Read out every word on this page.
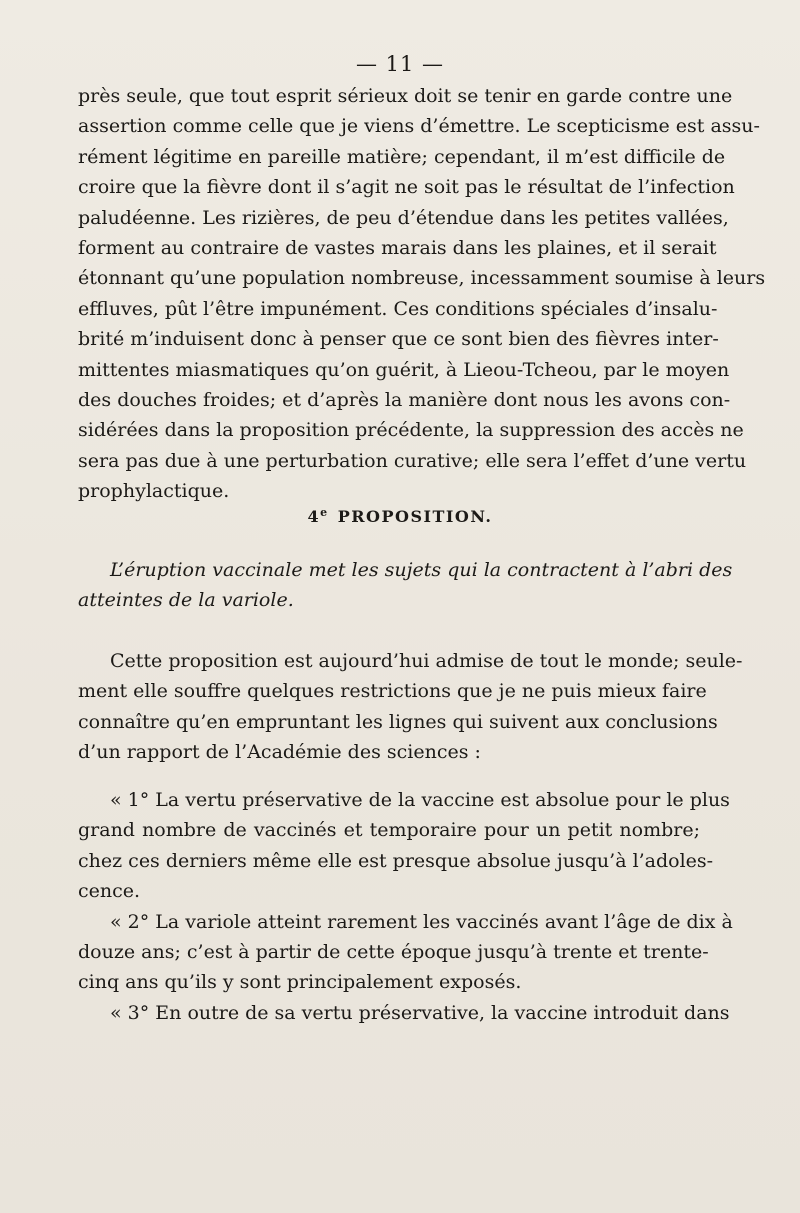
— 11 —
près seule, que tout esprit sérieux doit se tenir en garde contre une
assertion comme celle que je viens d’émettre. Le scepticisme est assu-
rément légitime en pareille matière; cependant, il m’est difficile de
croire que la fièvre dont il s’agit ne soit pas le résultat de l’infection
paludéenne. Les rizières, de peu d’étendue dans les petites vallées,
forment au contraire de vastes marais dans les plaines, et il serait
étonnant qu’une population nombreuse, incessamment soumise à leurs
effluves, pût l’être impunément. Ces conditions spéciales d’insalu-
brité m’induisent donc à penser que ce sont bien des fièvres inter-
mittentes miasmatiques qu’on guérit, à Lieou-Tcheou, par le moyen
des douches froides; et d’après la manière dont nous les avons con-
sidérées dans la proposition précédente, la suppression des accès ne
sera pas due à une perturbation curative; elle sera l’effet d’une vertu
prophylactique.
4e PROPOSITION.
L’éruption vaccinale met les sujets qui la contractent à l’abri des
atteintes de la variole.
Cette proposition est aujourd’hui admise de tout le monde; seule-
ment elle souffre quelques restrictions que je ne puis mieux faire
connaître qu’en empruntant les lignes qui suivent aux conclusions
d’un rapport de l’Académie des sciences :
« 1° La vertu préservative de la vaccine est absolue pour le plus
grand nombre de vaccinés et temporaire pour un petit nombre;
chez ces derniers même elle est presque absolue jusqu’à l’adoles-
cence.
« 2° La variole atteint rarement les vaccinés avant l’âge de dix à
douze ans; c’est à partir de cette époque jusqu’à trente et trente-
cinq ans qu’ils y sont principalement exposés.
« 3° En outre de sa vertu préservative, la vaccine introduit dans
